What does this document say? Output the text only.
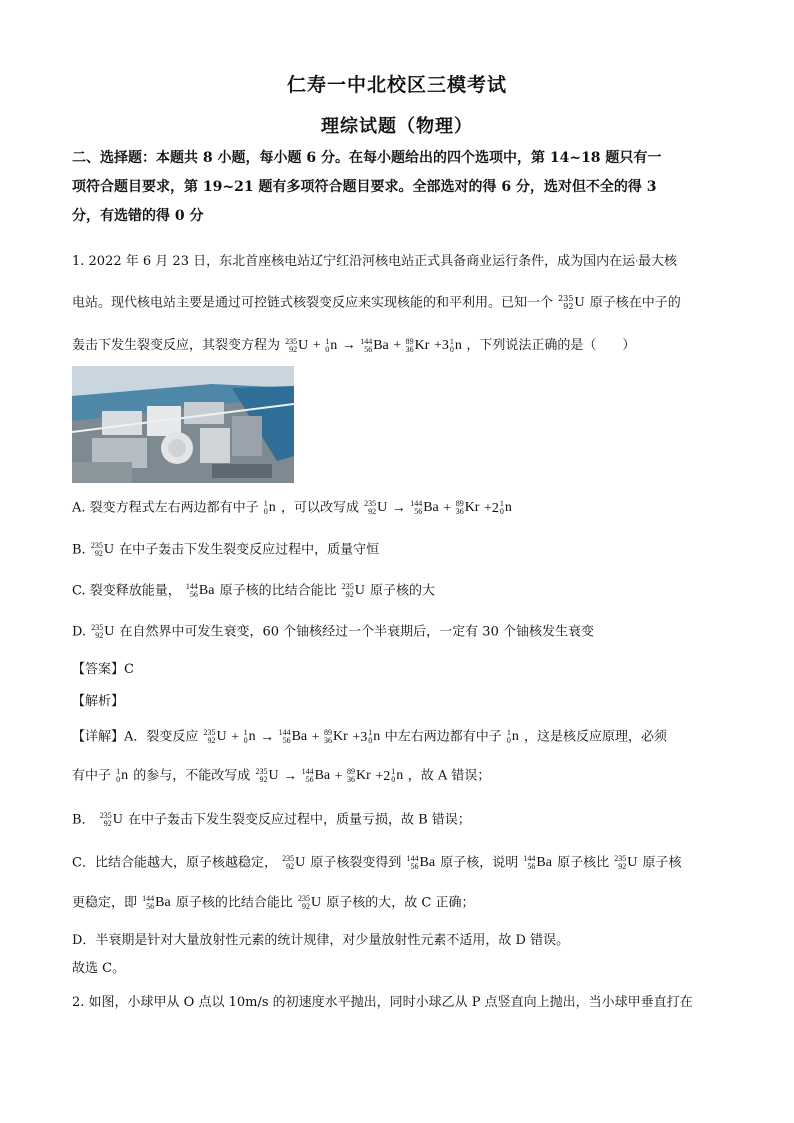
仁寿一中北校区三模考试
理综试题（物理）
二、选择题：本题共 8 小题，每小题 6 分。在每小题给出的四个选项中，第 14~18 题只有一
项符合题目要求，第 19~21 题有多项符合题目要求。全部选对的得 6 分，选对但不全的得 3
分，有选错的得 0 分
1. 2022 年 6 月 23 日，东北首座核电站辽宁红沿河核电站正式具备商业运行条件，成为国内在运·最大核
电站。现代核电站主要是通过可控链式核裂变反应来实现核能的和平利用。已知一个 235
92 U 原子核在中子的
轰击下发生裂变反应，其裂变方程为 235
92 U + 1
0 n → 144
56 Ba + 89
36 Kr +3 1
0 n ，下列说法正确的是（　　）
A. 裂变方程式左右两边都有中子 1
0 n ，可以改写成 235
92 U → 144
56 Ba + 89
36 Kr +2 1
0 n
B. 235
92 U 在中子轰击下发生裂变反应过程中，质量守恒
C. 裂变释放能量， 144
56 Ba 原子核的比结合能比 235
92 U 原子核的大
D. 235
92 U 在自然界中可发生衰变，60 个铀核经过一个半衰期后，一定有 30 个铀核发生衰变
【答案】C
【解析】
【详解】A．裂变反应 235
92 U + 1
0 n → 144
56 Ba + 89
36 Kr +3 1
0 n 中左右两边都有中子 1
0 n ，这是核反应原理，必须
有中子 1
0 n 的参与，不能改写成 235
92 U → 144
56 Ba + 89
36 Kr +2 1
0 n ，故 A 错误；
B． 235
92 U 在中子轰击下发生裂变反应过程中，质量亏损，故 B 错误；
C．比结合能越大，原子核越稳定， 235
92 U 原子核裂变得到 144
56 Ba 原子核，说明 144
56 Ba 原子核比 235
92 U 原子核
更稳定，即 144
56 Ba 原子核的比结合能比 235
92 U 原子核的大，故 C 正确；
D．半衰期是针对大量放射性元素的统计规律，对少量放射性元素不适用，故 D 错误。
故选 C。
2. 如图，小球甲从 O 点以 10m/s 的初速度水平抛出，同时小球乙从 P 点竖直向上抛出，当小球甲垂直打在
